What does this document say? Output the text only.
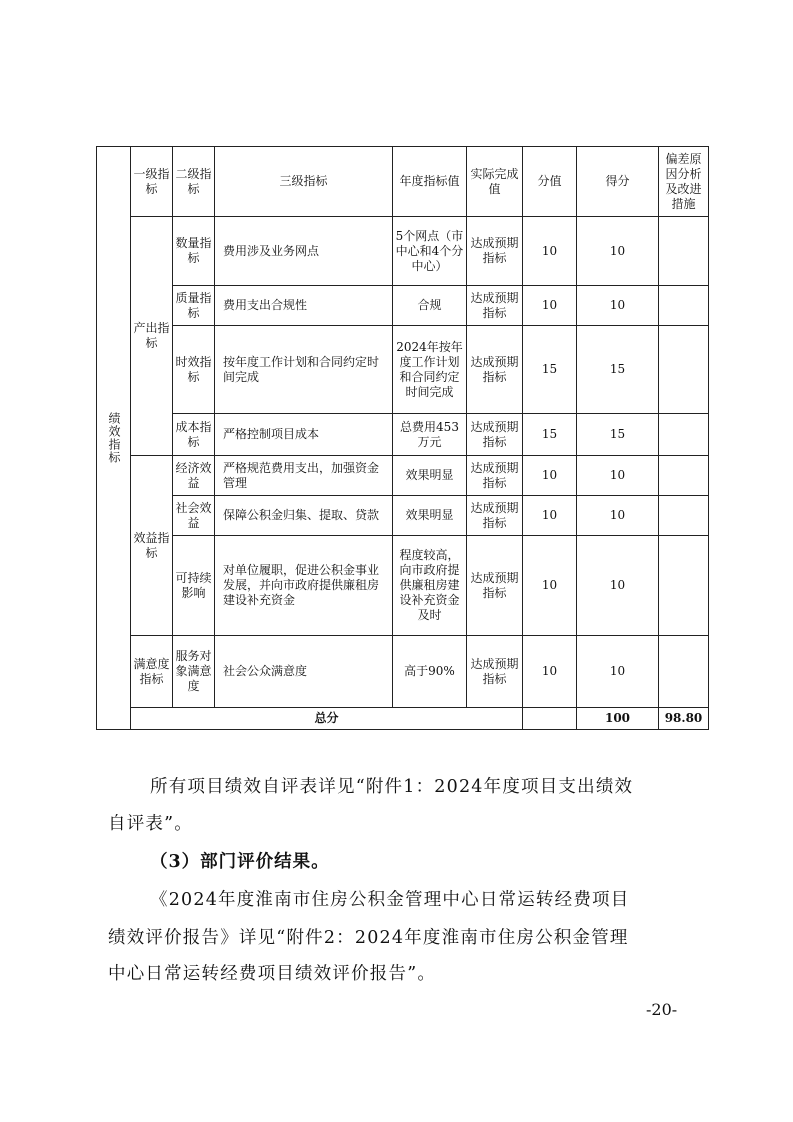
绩效指标	一级指标	二级指标	三级指标	年度指标值	实际完成值	分值	得分	偏差原因分析及改进措施	
	产出指标	数量指标	费用涉及业务网点	5个网点（市中心和4个分中心）	达成预期指标	10	10		
		质量指标	费用支出合规性	合规	达成预期指标	10	10		
		时效指标	按年度工作计划和合同约定时间完成	2024年按年度工作计划和合同约定时间完成	达成预期指标	15	15		
		成本指标	严格控制项目成本	总费用453万元	达成预期指标	15	15		
	效益指标	经济效益	严格规范费用支出，加强资金管理	效果明显	达成预期指标	10	10		
		社会效益	保障公积金归集、提取、贷款	效果明显	达成预期指标	10	10		
		可持续影响	对单位履职，促进公积金事业发展，并向市政府提供廉租房建设补充资金	程度较高，向市政府提供廉租房建设补充资金及时	达成预期指标	10	10		
	满意度指标	服务对象满意度	社会公众满意度	高于90%	达成预期指标	10	10		
	总分						100	98.80	
所有项目绩效自评表详见“附件1：2024年度项目支出绩效
自评表”。
（3）部门评价结果。
《2024年度淮南市住房公积金管理中心日常运转经费项目
绩效评价报告》详见“附件2：2024年度淮南市住房公积金管理
中心日常运转经费项目绩效评价报告”。
-20-
